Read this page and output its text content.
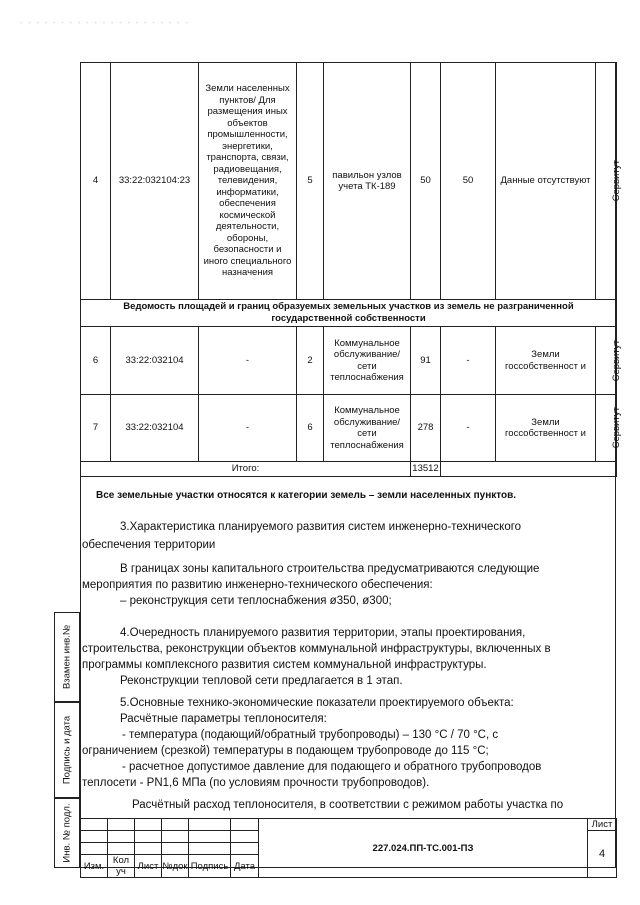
- - - - - - - - - - - - - - - - - - - - -
4	33:22:032104:23	Земли населенных пунктов/ Для размещения иных объектов промышленности, энергетики, транспорта, связи, радиовещания, телевидения, информатики, обеспечения космической деятельности, обороны, безопасности и иного специального назначения	5	павильон узлов учета ТК-189	50	50	Данные отсутствуют	Сервитут
Ведомость площадей и границ образуемых земельных участков из земель не разграниченной государственной собственности								
6	33:22:032104	-	2	Коммунальное обслуживание/ сети теплоснабжения	91	-	Земли госсобственност и	Сервитут
7	33:22:032104	-	6	Коммунальное обслуживание/ сети теплоснабжения	278	-	Земли госсобственност и	Сервитут
Итого:					13512			
Все земельные участки относятся к категории земель – земли населенных пунктов.
3.Характеристика планируемого развития систем инженерно-технического
обеспечения территории
В границах зоны капитального строительства предусматриваются следующие
мероприятия по развитию инженерно-технического обеспечения:
– реконструкция сети теплоснабжения ø350, ø300;
4.Очередность планируемого развития территории, этапы проектирования,
строительства, реконструкции объектов коммунальной инфраструктуры, включенных в
программы комплексного развития систем коммунальной инфраструктуры.
Реконструкции тепловой сети предлагается в 1 этап.
5.Основные технико-экономические показатели проектируемого объекта:
Расчётные параметры теплоносителя:
- температура (подающий/обратный трубопроводы) – 130 °С / 70 °С, с
ограничением (срезкой) температуры в подающем трубопроводе до 115 °С;
- расчетное допустимое давление для подающего и обратного трубопроводов
теплосети - PN1,6 МПа (по условиям прочности трубопроводов).
Расчётный расход теплоносителя, в соответствии с режимом работы участка по
Взамен инв.№
Подпись и дата
Инв. № подл.
							227.024.ПП-ТС.001-ПЗ	Лист
							4

Изм.	Кол уч	Лист	№док	Подпись	Дата		
